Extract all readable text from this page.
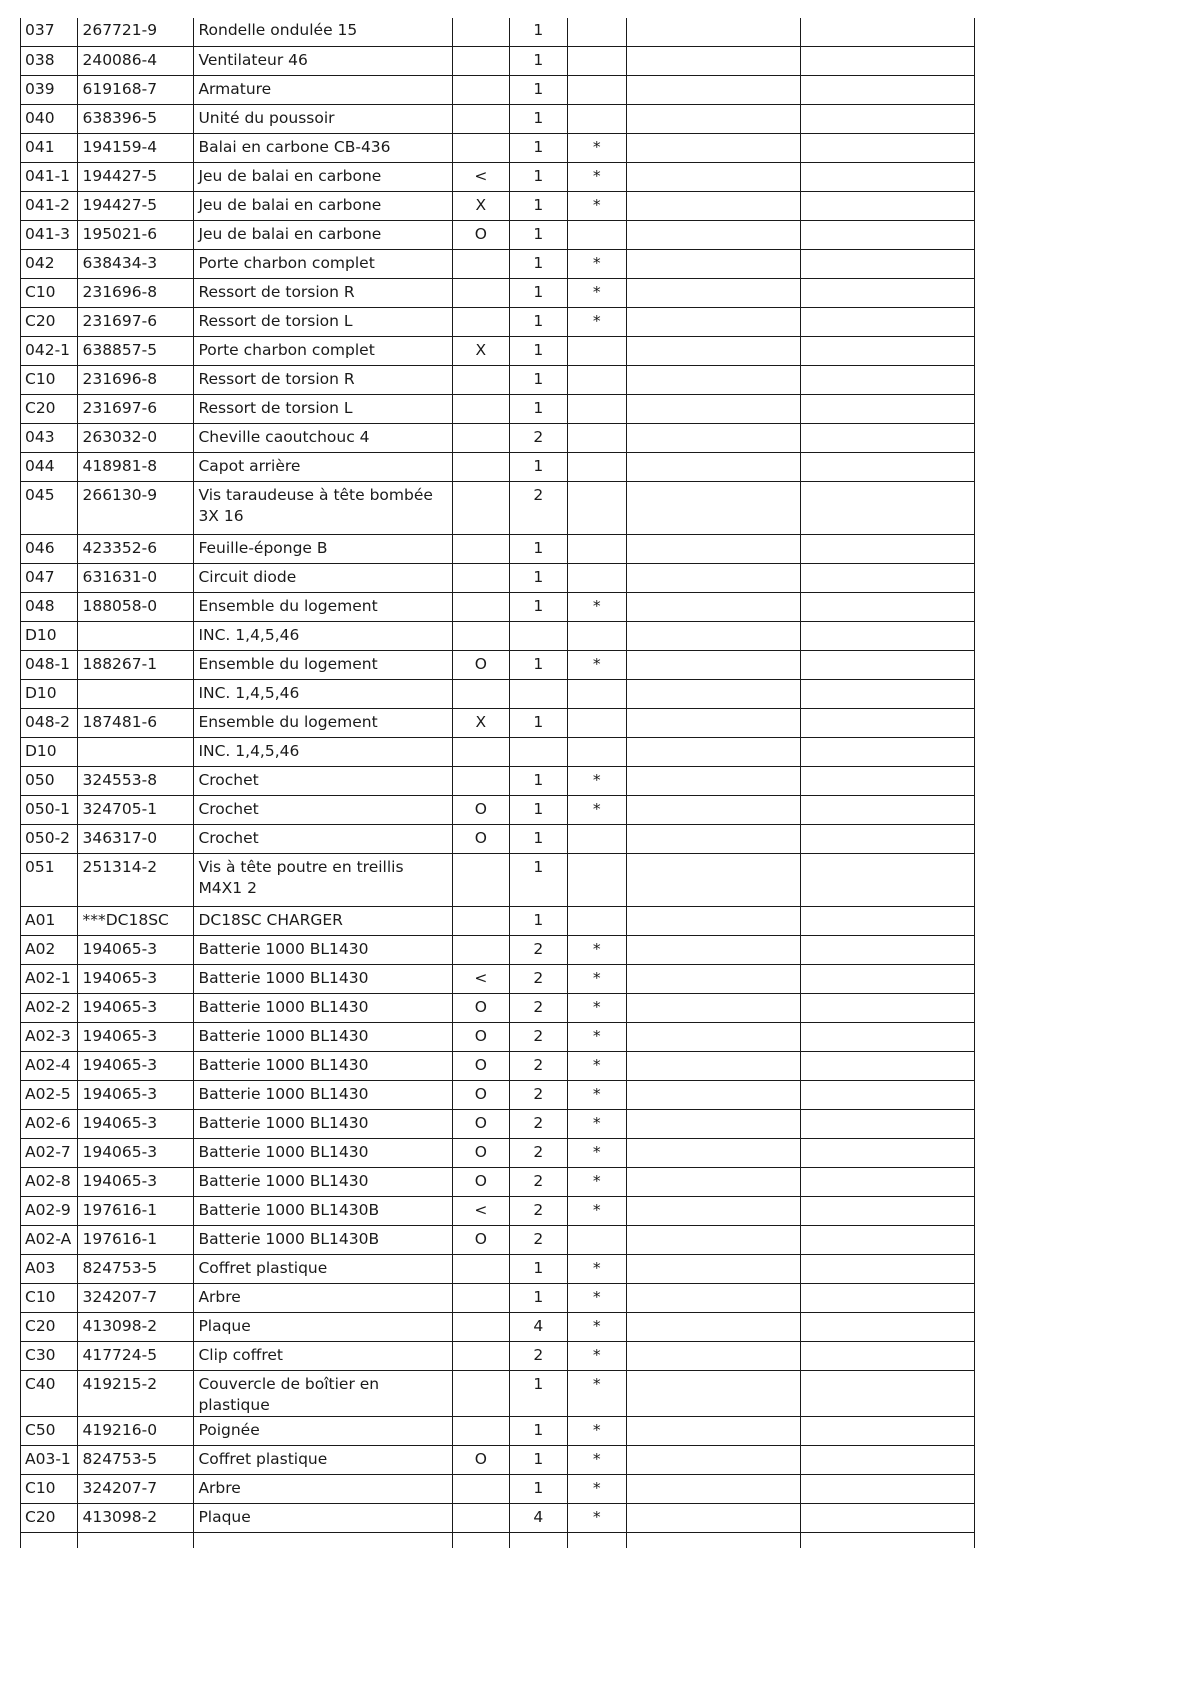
037	267721-9	Rondelle ondulée 15		1			
038	240086-4	Ventilateur 46		1			
039	619168-7	Armature		1			
040	638396-5	Unité du poussoir		1			
041	194159-4	Balai en carbone CB-436		1	*		
041-1	194427-5	Jeu de balai en carbone	<	1	*		
041-2	194427-5	Jeu de balai en carbone	X	1	*		
041-3	195021-6	Jeu de balai en carbone	O	1			
042	638434-3	Porte charbon complet		1	*		
C10	231696-8	Ressort de torsion R		1	*		
C20	231697-6	Ressort de torsion L		1	*		
042-1	638857-5	Porte charbon complet	X	1			
C10	231696-8	Ressort de torsion R		1			
C20	231697-6	Ressort de torsion L		1			
043	263032-0	Cheville caoutchouc 4		2			
044	418981-8	Capot arrière		1			
045	266130-9	Vis taraudeuse à tête bombée 3X 16		2			
046	423352-6	Feuille-éponge B		1			
047	631631-0	Circuit diode		1			
048	188058-0	Ensemble du logement		1	*		
D10		INC. 1,4,5,46					
048-1	188267-1	Ensemble du logement	O	1	*		
D10		INC. 1,4,5,46					
048-2	187481-6	Ensemble du logement	X	1			
D10		INC. 1,4,5,46					
050	324553-8	Crochet		1	*		
050-1	324705-1	Crochet	O	1	*		
050-2	346317-0	Crochet	O	1			
051	251314-2	Vis à tête poutre en treillis M4X1 2		1			
A01	***DC18SC	DC18SC CHARGER		1			
A02	194065-3	Batterie 1000 BL1430		2	*		
A02-1	194065-3	Batterie 1000 BL1430	<	2	*		
A02-2	194065-3	Batterie 1000 BL1430	O	2	*		
A02-3	194065-3	Batterie 1000 BL1430	O	2	*		
A02-4	194065-3	Batterie 1000 BL1430	O	2	*		
A02-5	194065-3	Batterie 1000 BL1430	O	2	*		
A02-6	194065-3	Batterie 1000 BL1430	O	2	*		
A02-7	194065-3	Batterie 1000 BL1430	O	2	*		
A02-8	194065-3	Batterie 1000 BL1430	O	2	*		
A02-9	197616-1	Batterie 1000 BL1430B	<	2	*		
A02-A	197616-1	Batterie 1000 BL1430B	O	2			
A03	824753-5	Coffret plastique		1	*		
C10	324207-7	Arbre		1	*		
C20	413098-2	Plaque		4	*		
C30	417724-5	Clip coffret		2	*		
C40	419215-2	Couvercle de boîtier en plastique		1	*		
C50	419216-0	Poignée		1	*		
A03-1	824753-5	Coffret plastique	O	1	*		
C10	324207-7	Arbre		1	*		
C20	413098-2	Plaque		4	*		
